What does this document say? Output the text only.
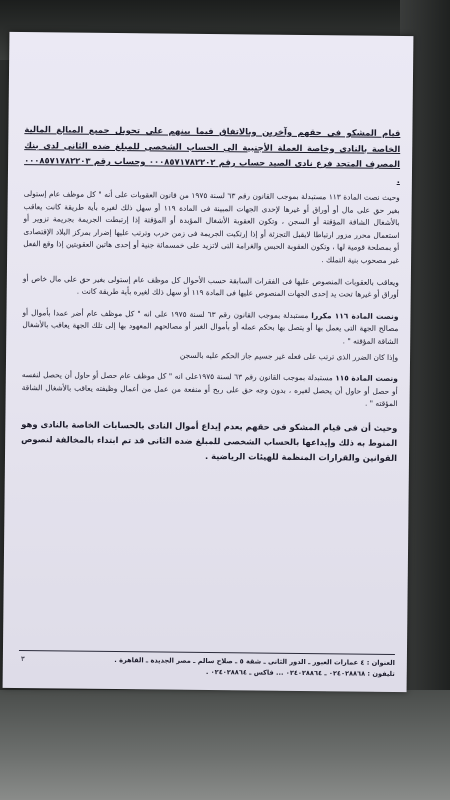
قيام المشكو فى حقهم وآخرين وبالاتفاق فيما بينهم على تحويل جميع المبالغ المالية الخاصة بالنادى وخاصة العملة الأجنبية الى الحساب الشخصى للمبلغ ضده الثانى لدى بنك المصرف المتحد فرع نادى الصيد حساب رقم ٠٠٠٨٥٧١٧٨٢٢٠٢ وحساب رقم ٠٠٠٨٥٧١٧٨٢٢٠٣ .

وحيث نصت المادة ١١٣ مستبدلة بموجب القانون رقم ٦٣ لسنة ١٩٧٥ من قانون العقوبات على أنه " كل موظف عام إستولى بغير حق على مال أو أوراق أو غيرها لإحدى الجهات المبينة فى المادة ١١٩ أو سهل ذلك لغيره بأية طريقة كانت يعاقب بالأشغال الشاقة المؤقتة أو السجن ، وتكون العقوبة الأشغال المؤبدة أو المؤقتة إذا إرتبطت الجريمة بجريمة تزوير أو استعمال محرر مزور ارتباطا لايقبل التجزئة أو إذا إرتكبت الجريمة فى زمن حرب وترتب عليها إضرار بمركز البلاد الإقتصادى أو بمصلحة قومية لها ، وتكون العقوبة الحبس والغرامة التى لاتزيد على خمسمائة جنية أو إحدى هاتين العقوبتين إذا وقع الفعل غير مصحوب بنية التملك .

ويعاقب بالعقوبات المنصوص عليها فى الفقرات السابقة حسب الأحوال كل موظف عام إستولى بغير حق على مال خاص أو أوراق أو غيرها تحت يد إحدى الجهات المنصوص عليها فى المادة ١١٩ أو سهل ذلك لغيره بأية طريقة كانت .

ونصت المادة ١١٦ مكررا مستبدلة بموجب القانون رقم ٦٣ لسنة ١٩٧٥ على انه " كل موظف عام أضر عمدا بأموال أو مصالح الجهة التى يعمل بها أو يتصل بها بحكم عمله أو بأموال الغير أو مصالحهم المعهود بها إلى تلك الجهة يعاقب بالأشغال الشاقة المؤقته " .

وإذا كان الضرر الذى ترتب على فعله غير جسيم جاز الحكم عليه بالسجن

ونصت المادة ١١٥ مستبدلة بموجب القانون رقم ٦٣ لسنة ١٩٧٥على انه " كل موظف عام حصل أو حاول أن يحصل لنفسه أو حصل أو حاول أن يحصل لغيره ، بدون وجه حق على ربح أو منفعة من عمل من أعمال وظيفته يعاقب بالأشغال الشاقة المؤقته " .

وحيث أن فى قيام المشكو فى حقهم بعدم إيداع أموال النادى بالحسابات الخاصة بالنادى وهو المنوط به ذلك وإيداعها بالحساب الشخصى للمبلغ ضده الثانى قد تم ابتداء بالمخالفة لنصوص القوانين والقرارات المنظمة للهيئات الرياضية .
العنوان : ٤ عمارات العبور ـ الدور الثانى ـ شقة ٥ ـ صلاح سالم ـ مصر الجديدة ـ القاهرة .
تليفون : ٠٢٤٠٢٨٨٦٨ ـ ٠٢٤٠٢٨٨٦٤ ... فاكس ـ ٠٢٤٠٢٨٨٦٤ .
٣
